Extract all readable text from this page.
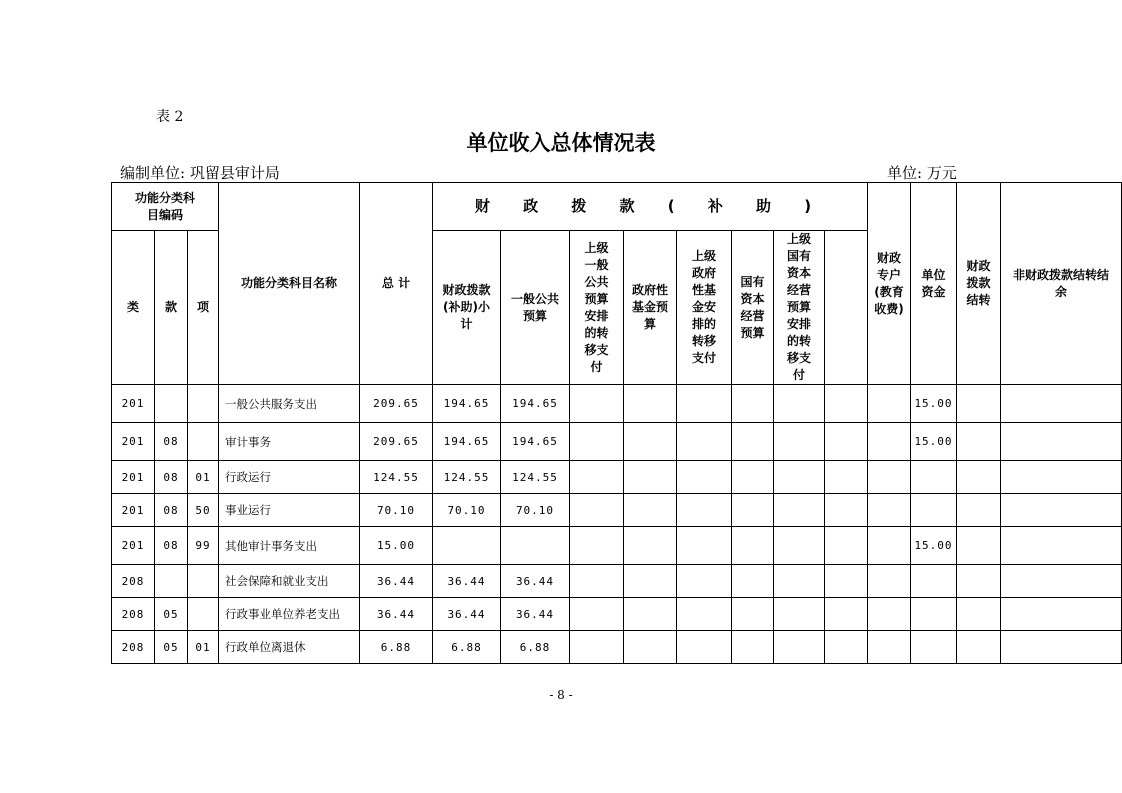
表 2
单位收入总体情况表
编制单位: 巩留县审计局	单位: 万元
功能分类科目编码			功能分类科目名称	总 计	财 政 拨 款 ( 补 助 )								财政专户(教育收费)	单位资金	财政拨款结转	非财政拨款结转结余
类	款	项			财政拨款(补助)小计	一般公共预算	上级一般公共预算安排的转移支付	政府性基金预算	上级政府性基金安排的转移支付	国有资本经营预算	上级国有资本经营预算安排的转移支付					
201			一般公共服务支出	209.65	194.65	194.65								15.00		
201	08		审计事务	209.65	194.65	194.65								15.00		
201	08	01	行政运行	124.55	124.55	124.55										
201	08	50	事业运行	70.10	70.10	70.10										
201	08	99	其他审计事务支出	15.00										15.00		
208			社会保障和就业支出	36.44	36.44	36.44										
208	05		行政事业单位养老支出	36.44	36.44	36.44										
208	05	01	行政单位离退休	6.88	6.88	6.88										
- 8 -
